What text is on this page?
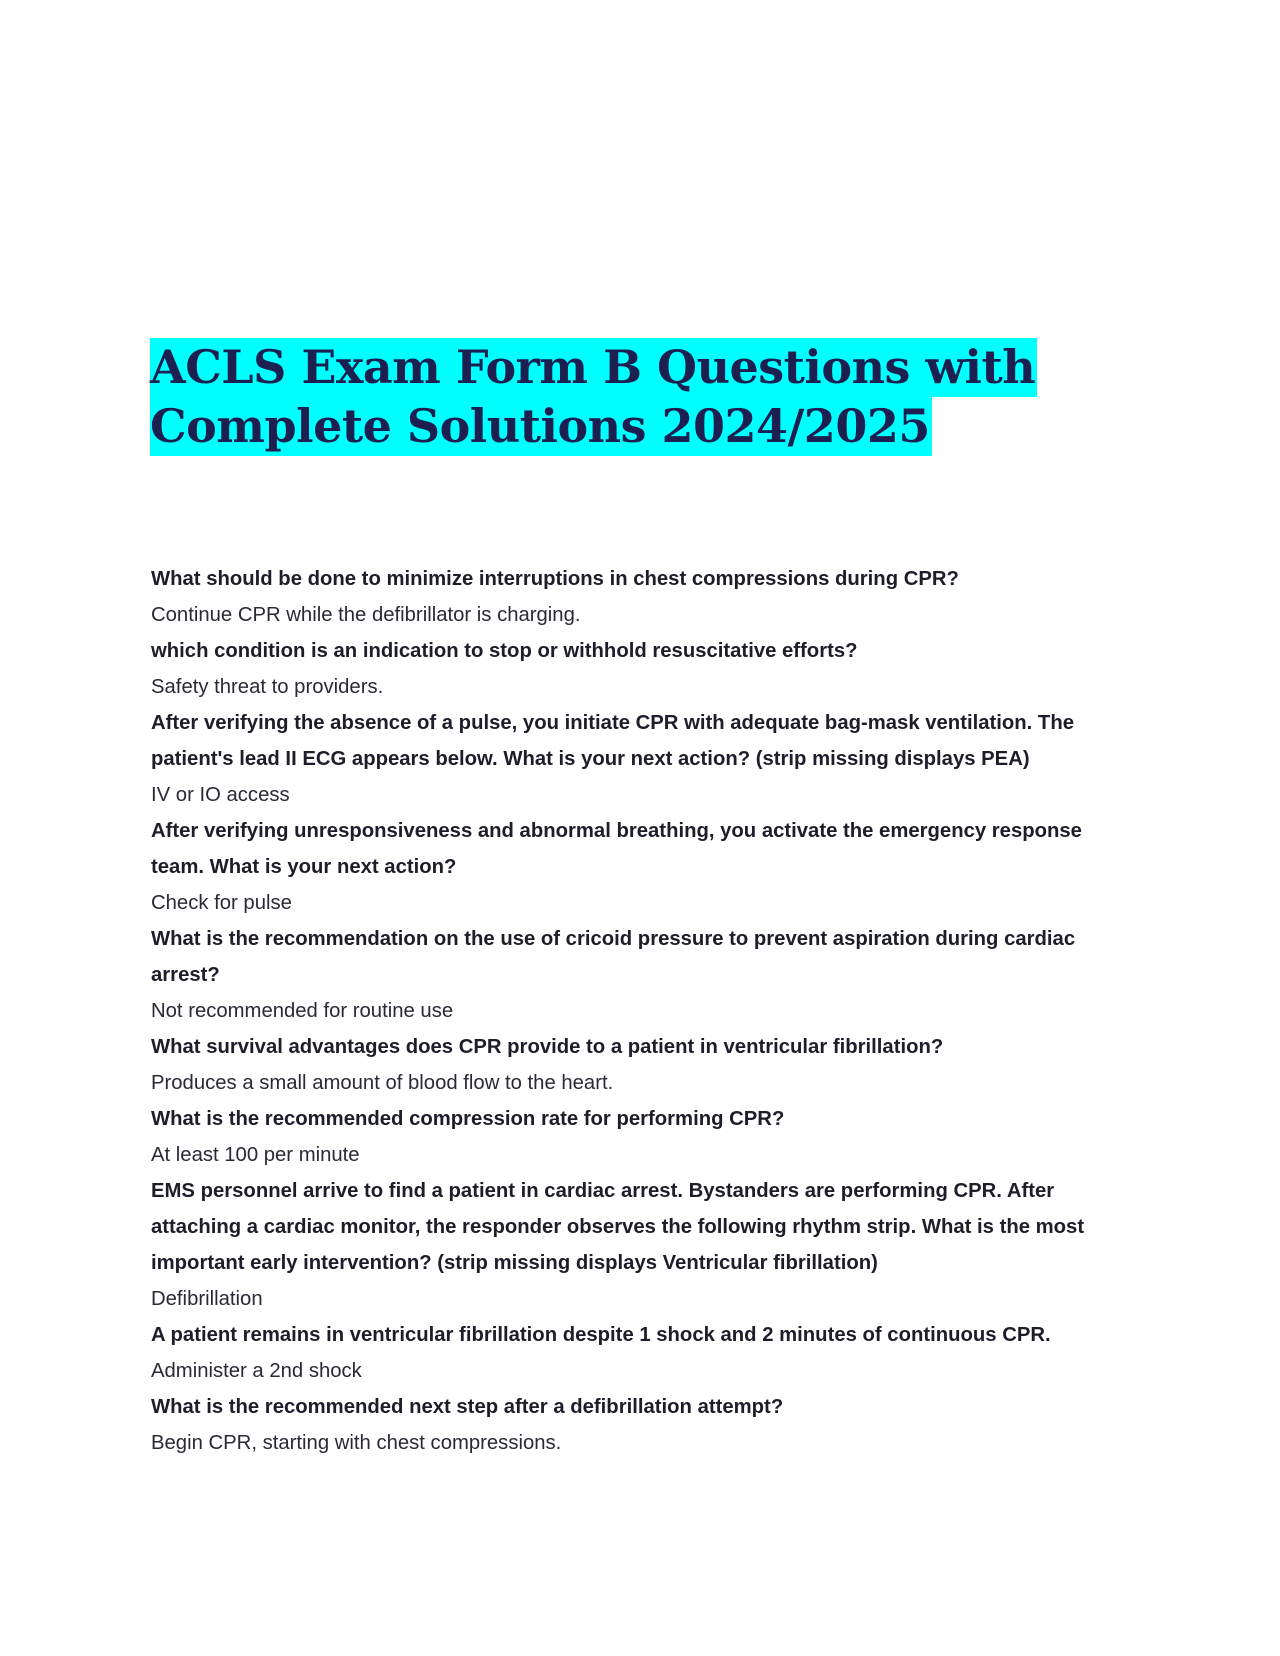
ACLS Exam Form B Questions with
Complete Solutions 2024/2025

What should be done to minimize interruptions in chest compressions during CPR?

Continue CPR while the defibrillator is charging.

which condition is an indication to stop or withhold resuscitative efforts?

Safety threat to providers.

After verifying the absence of a pulse, you initiate CPR with adequate bag-mask ventilation. The patient's lead II ECG appears below. What is your next action? (strip missing displays PEA)

IV or IO access

After verifying unresponsiveness and abnormal breathing, you activate the emergency response team. What is your next action?

Check for pulse

What is the recommendation on the use of cricoid pressure to prevent aspiration during cardiac arrest?

Not recommended for routine use

What survival advantages does CPR provide to a patient in ventricular fibrillation?

Produces a small amount of blood flow to the heart.

What is the recommended compression rate for performing CPR?

At least 100 per minute

EMS personnel arrive to find a patient in cardiac arrest. Bystanders are performing CPR. After attaching a cardiac monitor, the responder observes the following rhythm strip. What is the most important early intervention? (strip missing displays Ventricular fibrillation)

Defibrillation

A patient remains in ventricular fibrillation despite 1 shock and 2 minutes of continuous CPR.

Administer a 2nd shock

What is the recommended next step after a defibrillation attempt?

Begin CPR, starting with chest compressions.
